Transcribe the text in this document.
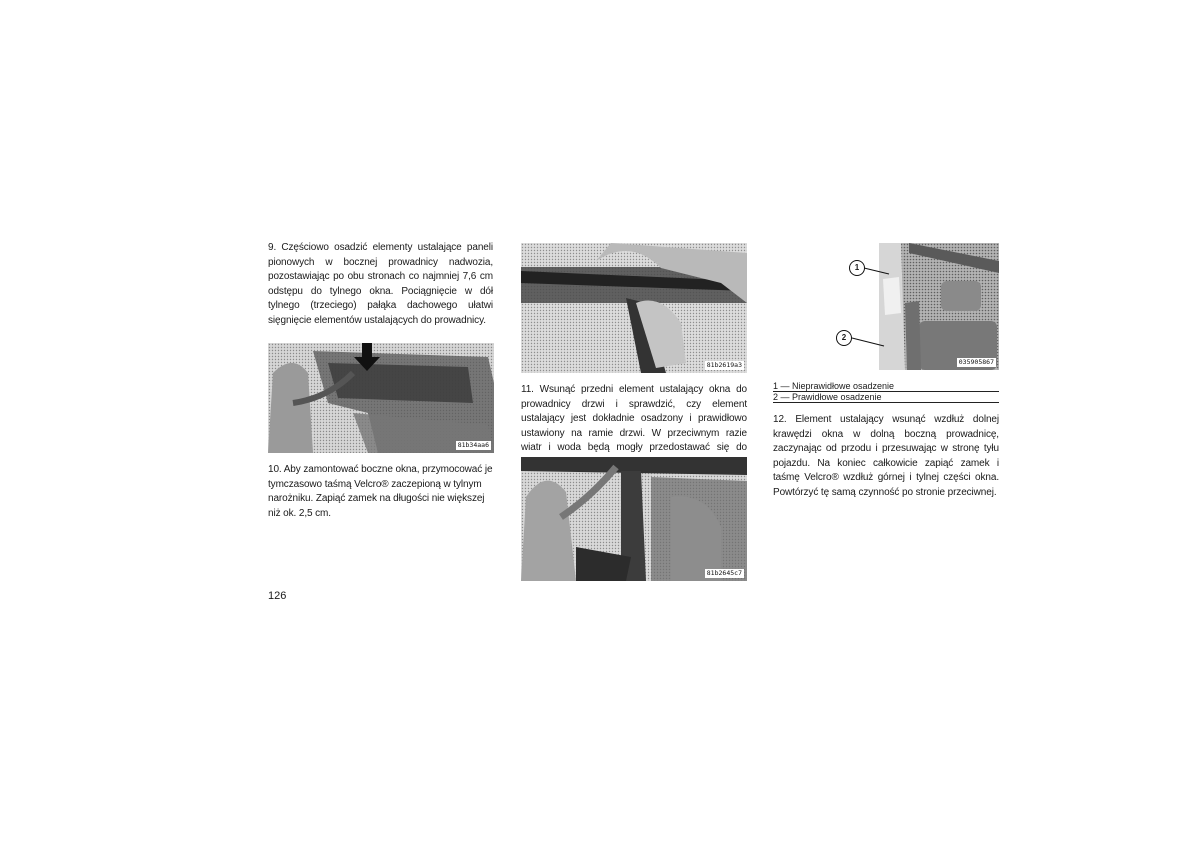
9. Częściowo osadzić elementy ustalające paneli pionowych w bocznej prowadnicy nadwozia, pozostawiając po obu stronach co najmniej 7,6 cm odstępu do tylnego okna. Pociągnięcie w dół tylnego (trzeciego) pałąka dachowego ułatwi sięgnięcie elementów ustalających do prowadnicy.

81b34aa6

10. Aby zamontować boczne okna, przymocować je tymczasowo taśmą Velcro® zaczepioną w tylnym narożniku. Zapiąć zamek na długości nie większej niż ok. 2,5 cm.

126
81b2619a3

11. Wsunąć przedni element ustalający okna do prowadnicy drzwi i sprawdzić, czy element ustalający jest dokładnie osadzony i prawidłowo ustawiony na ramie drzwi. W przeciwnym razie wiatr i woda będą mogły przedostawać się do

81b2645c7
035905867
1
2
1 — Nieprawidłowe osadzenie
2 — Prawidłowe osadzenie

12. Element ustalający wsunąć wzdłuż dolnej krawędzi okna w dolną boczną prowadnicę, zaczynając od przodu i przesuwając w stronę tyłu pojazdu. Na koniec całkowicie zapiąć zamek i taśmę Velcro® wzdłuż górnej i tylnej części okna. Powtórzyć tę samą czynność po stronie przeciwnej.
